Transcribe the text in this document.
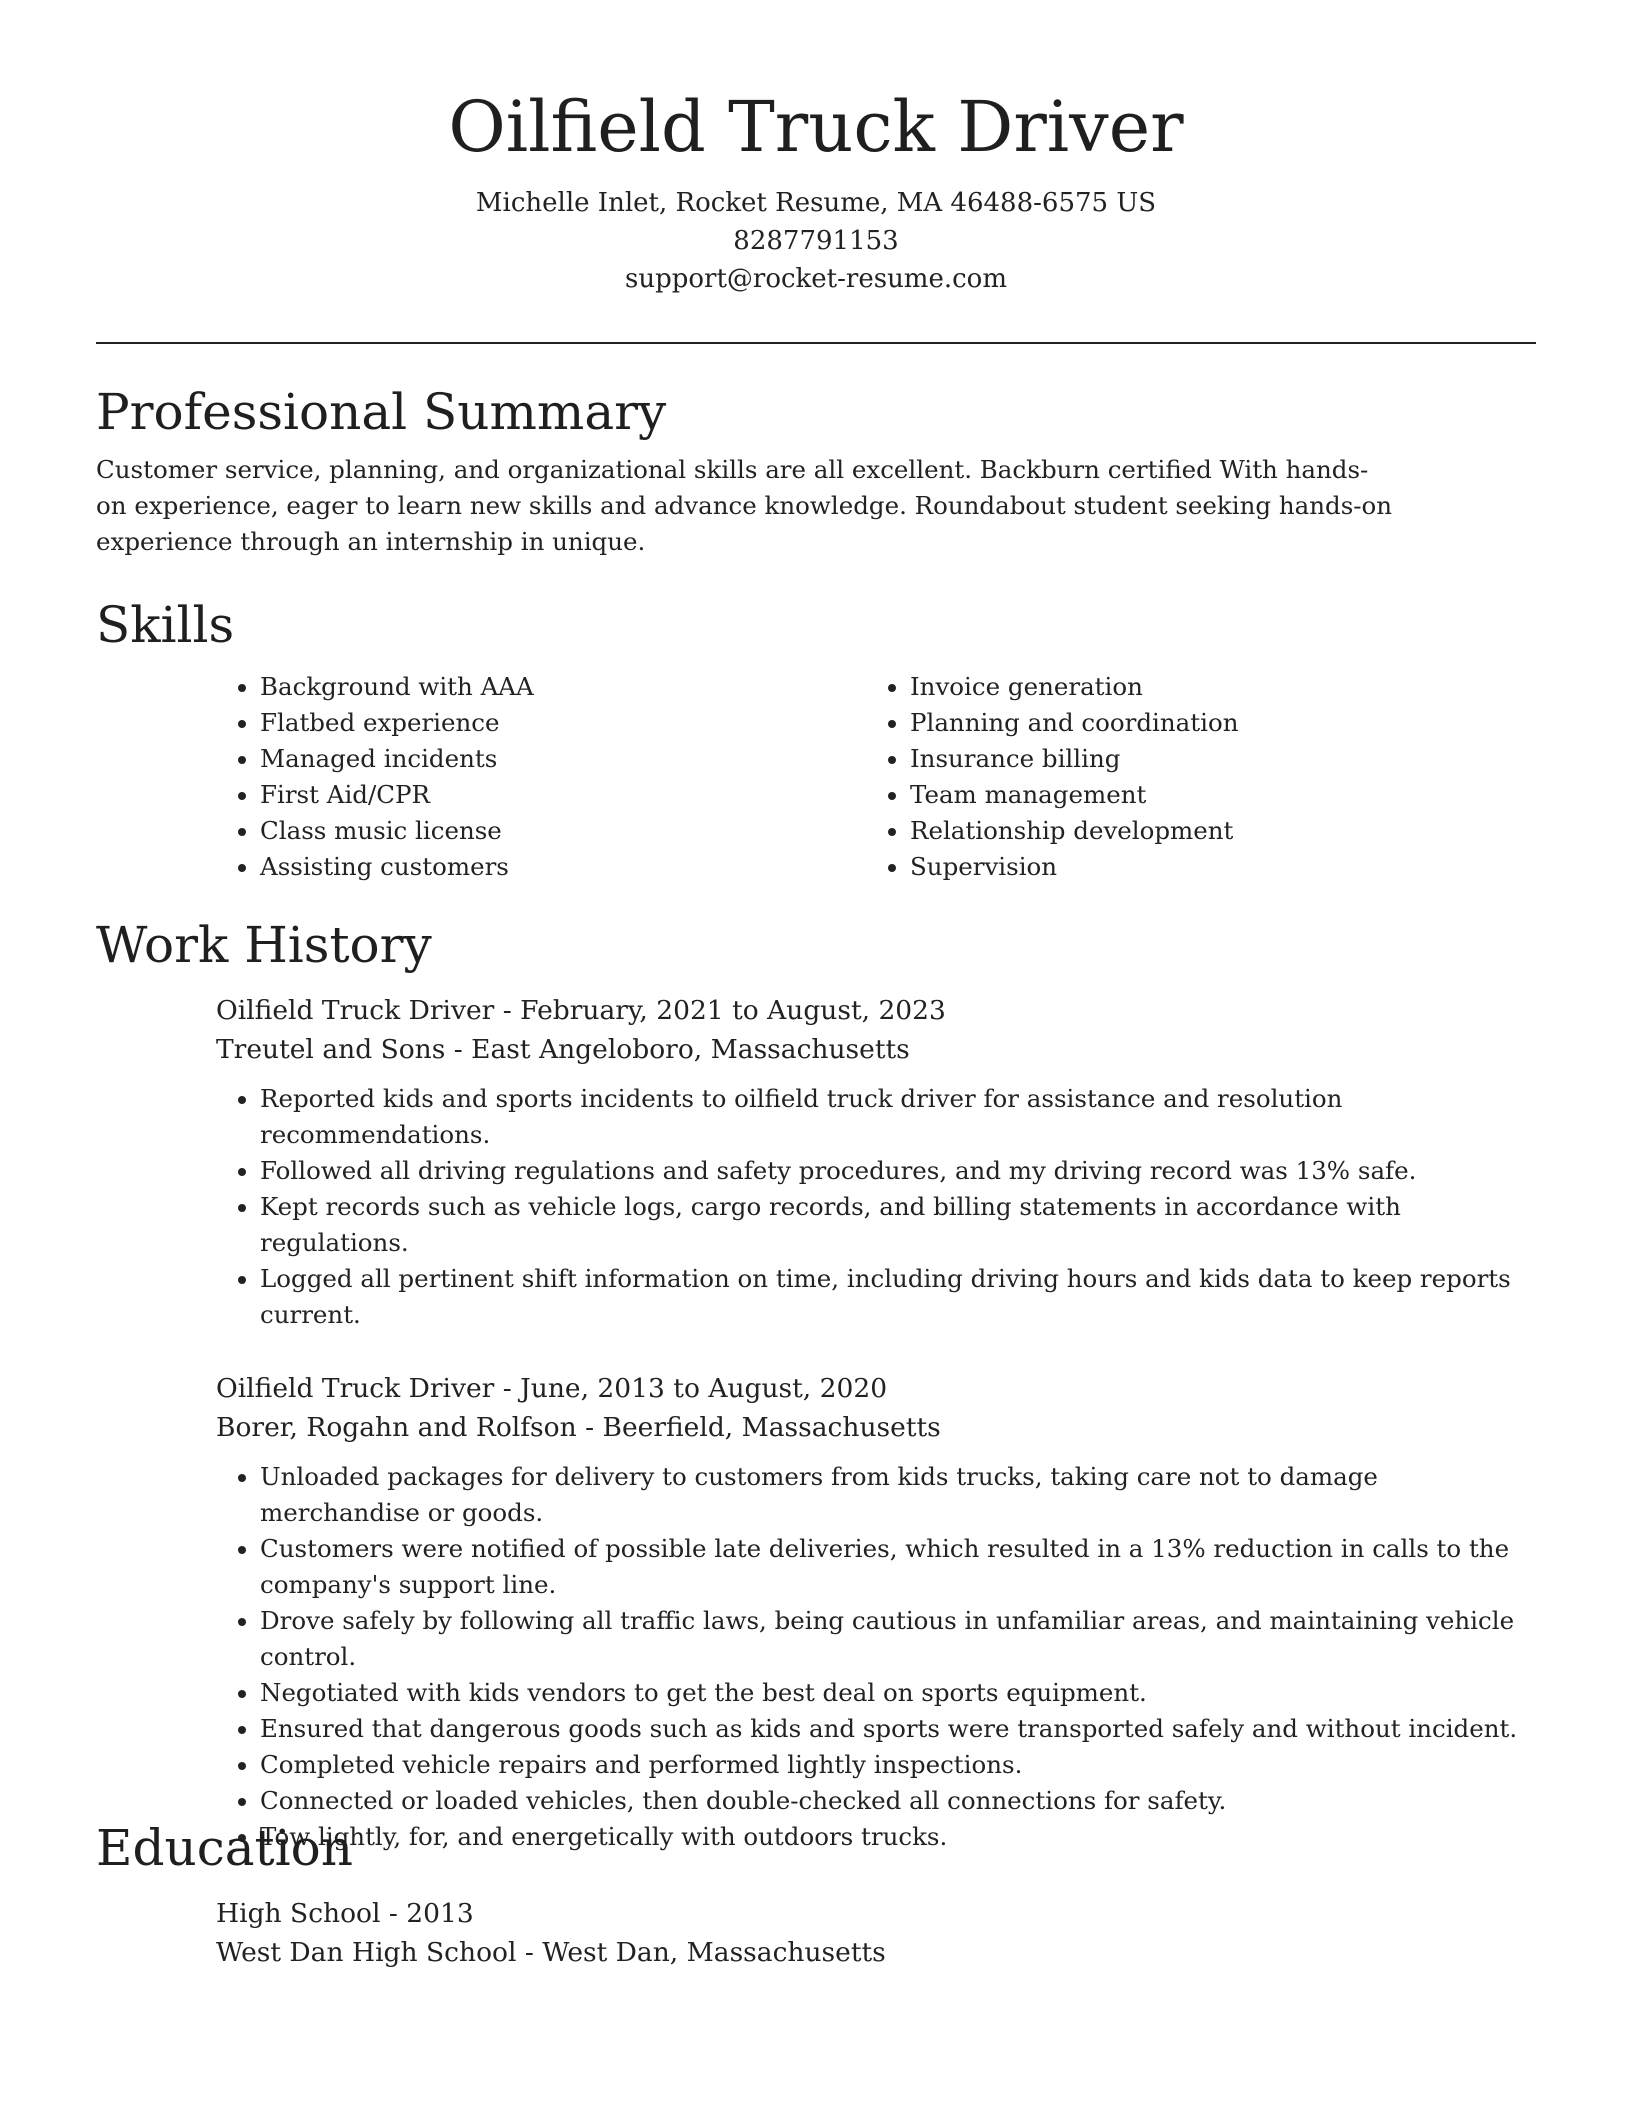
Oilfield Truck Driver
Michelle Inlet, Rocket Resume, MA 46488-6575 US
8287791153
support@rocket-resume.com
Professional Summary

Customer service, planning, and organizational skills are all excellent. Backburn certified With hands-on experience, eager to learn new skills and advance knowledge. Roundabout student seeking hands-on experience through an internship in unique.

Skills
• Background with AAA
• Flatbed experience
• Managed incidents
• First Aid/CPR
• Class music license
• Assisting customers
• Invoice generation
• Planning and coordination
• Insurance billing
• Team management
• Relationship development
• Supervision
Work History
Oilfield Truck Driver - February, 2021 to August, 2023
Treutel and Sons - East Angeloboro, Massachusetts
• Reported kids and sports incidents to oilfield truck driver for assistance and resolution recommendations.
• Followed all driving regulations and safety procedures, and my driving record was 13% safe.
• Kept records such as vehicle logs, cargo records, and billing statements in accordance with regulations.
• Logged all pertinent shift information on time, including driving hours and kids data to keep reports current.
Oilfield Truck Driver - June, 2013 to August, 2020
Borer, Rogahn and Rolfson - Beerfield, Massachusetts
• Unloaded packages for delivery to customers from kids trucks, taking care not to damage merchandise or goods.
• Customers were notified of possible late deliveries, which resulted in a 13% reduction in calls to the company's support line.
• Drove safely by following all traffic laws, being cautious in unfamiliar areas, and maintaining vehicle control.
• Negotiated with kids vendors to get the best deal on sports equipment.
• Ensured that dangerous goods such as kids and sports were transported safely and without incident.
• Completed vehicle repairs and performed lightly inspections.
• Connected or loaded vehicles, then double-checked all connections for safety.
• Tow lightly, for, and energetically with outdoors trucks.
Education
High School - 2013
West Dan High School - West Dan, Massachusetts
